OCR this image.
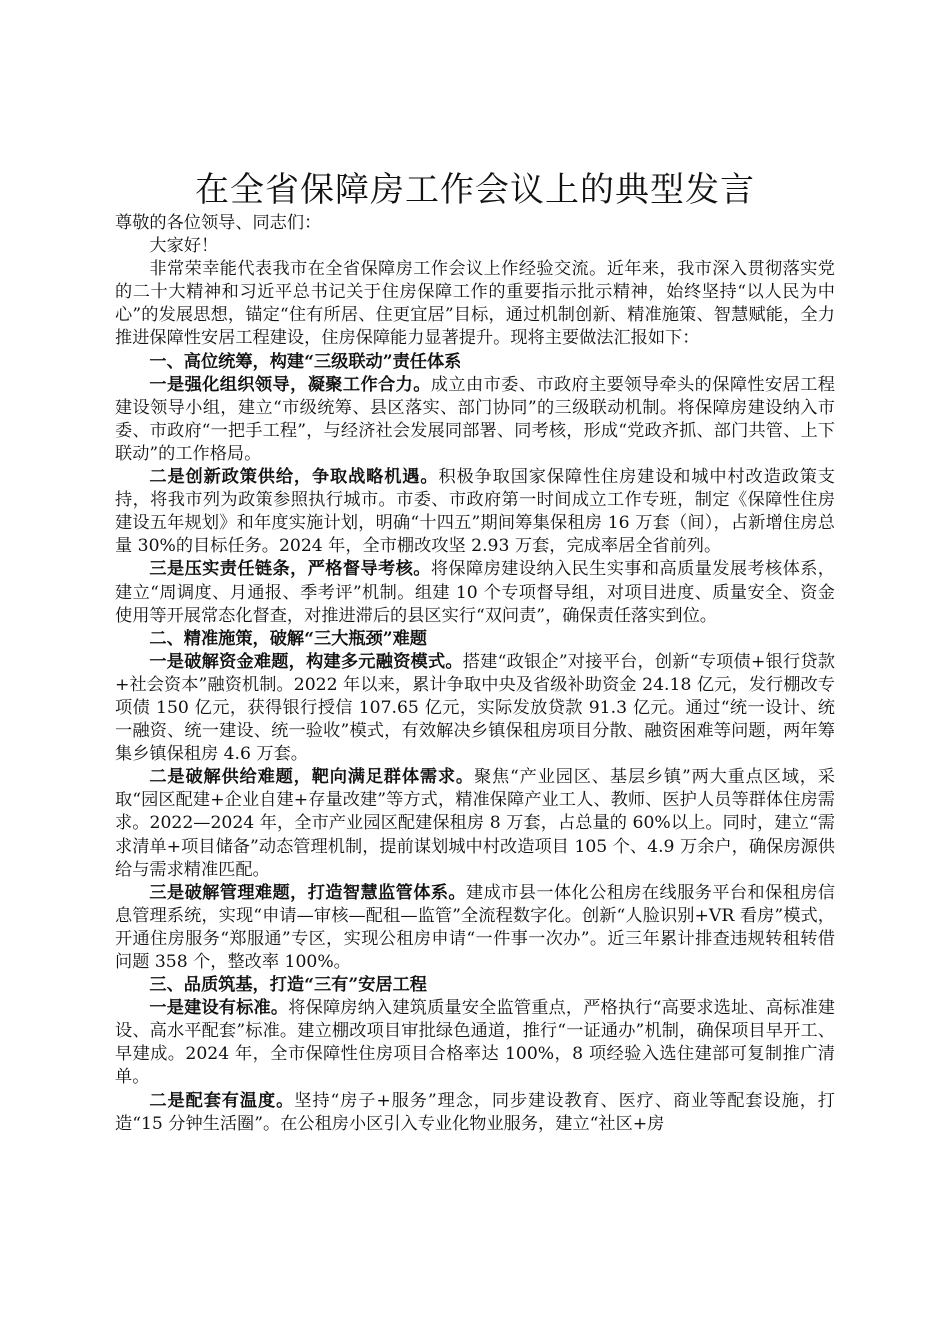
在全省保障房工作会议上的典型发言

尊敬的各位领导、同志们：

大家好！

非常荣幸能代表我市在全省保障房工作会议上作经验交流。近年来，我市深入贯彻落实党的二十大精神和习近平总书记关于住房保障工作的重要指示批示精神，始终坚持“以人民为中心”的发展思想，锚定“住有所居、住更宜居”目标，通过机制创新、精准施策、智慧赋能，全力推进保障性安居工程建设，住房保障能力显著提升。现将主要做法汇报如下：

一、高位统筹，构建“三级联动”责任体系

一是强化组织领导，凝聚工作合力。成立由市委、市政府主要领导牵头的保障性安居工程建设领导小组，建立“市级统筹、县区落实、部门协同”的三级联动机制。将保障房建设纳入市委、市政府“一把手工程”，与经济社会发展同部署、同考核，形成“党政齐抓、部门共管、上下联动”的工作格局。

二是创新政策供给，争取战略机遇。积极争取国家保障性住房建设和城中村改造政策支持，将我市列为政策参照执行城市。市委、市政府第一时间成立工作专班，制定《保障性住房建设五年规划》和年度实施计划，明确“十四五”期间筹集保租房 16 万套（间），占新增住房总量 30%的目标任务。2024 年，全市棚改攻坚 2.93 万套，完成率居全省前列。

三是压实责任链条，严格督导考核。将保障房建设纳入民生实事和高质量发展考核体系，建立“周调度、月通报、季考评”机制。组建 10 个专项督导组，对项目进度、质量安全、资金使用等开展常态化督查，对推进滞后的县区实行“双问责”，确保责任落实到位。

二、精准施策，破解“三大瓶颈”难题

一是破解资金难题，构建多元融资模式。搭建“政银企”对接平台，创新“专项债+银行贷款+社会资本”融资机制。2022 年以来，累计争取中央及省级补助资金 24.18 亿元，发行棚改专项债 150 亿元，获得银行授信 107.65 亿元，实际发放贷款 91.3 亿元。通过“统一设计、统一融资、统一建设、统一验收”模式，有效解决乡镇保租房项目分散、融资困难等问题，两年筹集乡镇保租房 4.6 万套。

二是破解供给难题，靶向满足群体需求。聚焦“产业园区、基层乡镇”两大重点区域，采取“园区配建+企业自建+存量改建”等方式，精准保障产业工人、教师、医护人员等群体住房需求。2022—2024 年，全市产业园区配建保租房 8 万套，占总量的 60%以上。同时，建立“需求清单+项目储备”动态管理机制，提前谋划城中村改造项目 105 个、4.9 万余户，确保房源供给与需求精准匹配。

三是破解管理难题，打造智慧监管体系。建成市县一体化公租房在线服务平台和保租房信息管理系统，实现“申请—审核—配租—监管”全流程数字化。创新“人脸识别+VR 看房”模式，开通住房服务“郑服通”专区，实现公租房申请“一件事一次办”。近三年累计排查违规转租转借问题 358 个，整改率 100%。

三、品质筑基，打造“三有”安居工程

一是建设有标准。将保障房纳入建筑质量安全监管重点，严格执行“高要求选址、高标准建设、高水平配套”标准。建立棚改项目审批绿色通道，推行“一证通办”机制，确保项目早开工、早建成。2024 年，全市保障性住房项目合格率达 100%，8 项经验入选住建部可复制推广清单。

二是配套有温度。坚持“房子+服务”理念，同步建设教育、医疗、商业等配套设施，打造“15 分钟生活圈”。在公租房小区引入专业化物业服务，建立“社区+房
